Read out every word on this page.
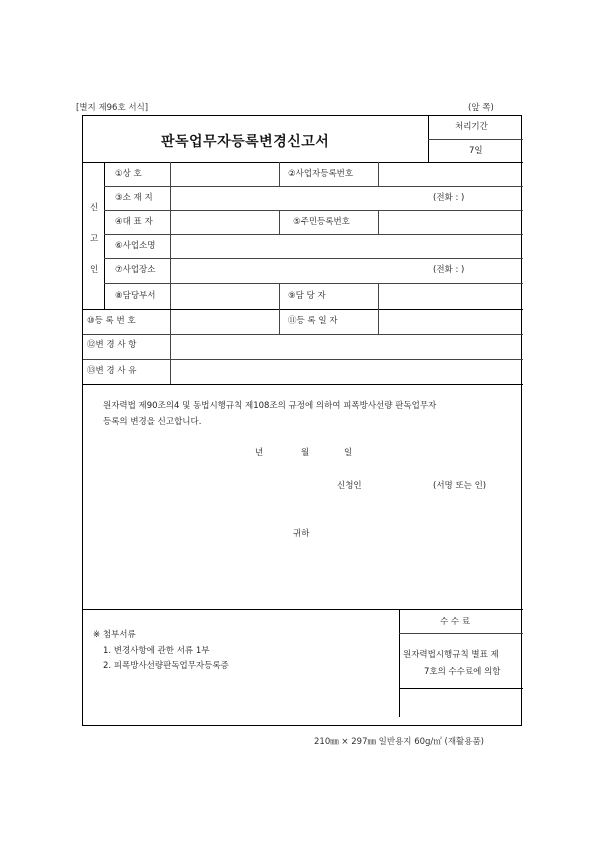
[별지 제96호 서식]	(앞 쪽)
판독업무자등록변경신고서
처리기간
7일
신
고
인
①상 호	②사업자등록번호
③소 재 지	(전화 : )
④대 표 자	⑤주민등록번호
⑥사업소명
⑦사업장소	(전화 : )
⑧담당부서	⑨담 당 자
⑩등 록 번 호	⑪등 록 일 자
⑫변 경 사 항
⑬변 경 사 유
원자력법 제90조의4 및 동법시행규칙 제108조의 규정에 의하여 피폭방사선량 판독업무자
등록의 변경을 신고합니다.
년	월	일
신청인	(서명 또는 인)
귀하
수 수 료
원자력법시행규칙 별표 제
7호의 수수료에 의함
※ 첨부서류
1. 변경사항에 관한 서류 1부
2. 피폭방사선량판독업무자등록증
210㎜ × 297㎜ 일반용지 60g/㎡ (재활용품)
